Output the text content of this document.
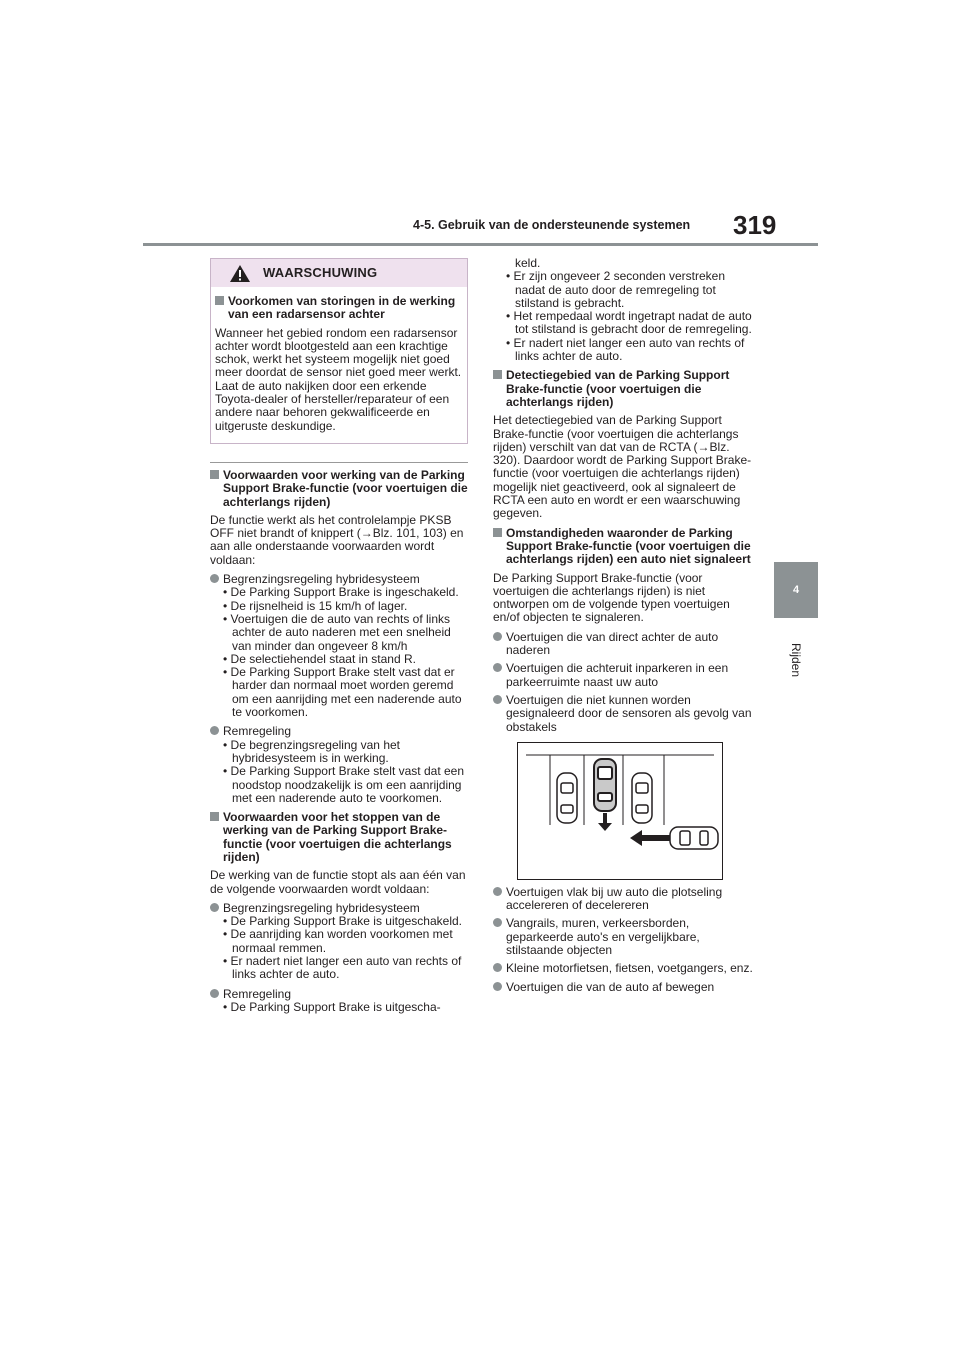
4-5. Gebruik van de ondersteunende systemen 319
4
Rijden
WAARSCHUWING
Voorkomen van storingen in de werking van een radarsensor achter

Wanneer het gebied rondom een radarsensor achter wordt blootgesteld aan een krachtige schok, werkt het systeem mogelijk niet goed meer doordat de sensor niet goed meer werkt. Laat de auto nakijken door een erkende Toyota-dealer of hersteller/reparateur of een andere naar behoren gekwalificeerde en uitgeruste deskundige.

Voorwaarden voor werking van de Parking Support Brake-functie (voor voertuigen die achterlangs rijden)

De functie werkt als het controlelampje PKSB OFF niet brandt of knippert (→Blz. 101, 103) en aan alle onderstaande voorwaarden wordt voldaan:

Begrenzingsregeling hybridesysteem
• De Parking Support Brake is ingeschakeld.
• De rijsnelheid is 15 km/h of lager.
• Voertuigen die de auto van rechts of links achter de auto naderen met een snelheid van minder dan ongeveer 8 km/h
• De selectiehendel staat in stand R.
• De Parking Support Brake stelt vast dat er harder dan normaal moet worden geremd om een aanrijding met een naderende auto te voorkomen.
Remregeling
• De begrenzingsregeling van het hybridesysteem is in werking.
• De Parking Support Brake stelt vast dat een noodstop noodzakelijk is om een aanrijding met een naderende auto te voorkomen.
Voorwaarden voor het stoppen van de werking van de Parking Support Brake-functie (voor voertuigen die achterlangs rijden)

De werking van de functie stopt als aan één van de volgende voorwaarden wordt voldaan:

Begrenzingsregeling hybridesysteem
• De Parking Support Brake is uitgeschakeld.
• De aanrijding kan worden voorkomen met normaal remmen.
• Er nadert niet langer een auto van rechts of links achter de auto.
Remregeling
• De Parking Support Brake is uitgescha-
keld.
• Er zijn ongeveer 2 seconden verstreken nadat de auto door de remregeling tot stilstand is gebracht.
• Het rempedaal wordt ingetrapt nadat de auto tot stilstand is gebracht door de remregeling.
• Er nadert niet langer een auto van rechts of links achter de auto.
Detectiegebied van de Parking Support Brake-functie (voor voertuigen die achterlangs rijden)

Het detectiegebied van de Parking Support Brake-functie (voor voertuigen die achterlangs rijden) verschilt van dat van de RCTA (→Blz. 320). Daardoor wordt de Parking Support Brake-functie (voor voertuigen die achterlangs rijden) mogelijk niet geactiveerd, ook al signaleert de RCTA een auto en wordt er een waarschuwing gegeven.

Omstandigheden waaronder de Parking Support Brake-functie (voor voertuigen die achterlangs rijden) een auto niet signaleert

De Parking Support Brake-functie (voor voertuigen die achterlangs rijden) is niet ontworpen om de volgende typen voertuigen en/of objecten te signaleren.

Voertuigen die van direct achter de auto naderen
Voertuigen die achteruit inparkeren in een parkeerruimte naast uw auto
Voertuigen die niet kunnen worden gesignaleerd door de sensoren als gevolg van obstakels
Voertuigen vlak bij uw auto die plotseling accelereren of decelereren
Vangrails, muren, verkeersborden, geparkeerde auto's en vergelijkbare, stilstaande objecten
Kleine motorfietsen, fietsen, voetgangers, enz.
Voertuigen die van de auto af bewegen
